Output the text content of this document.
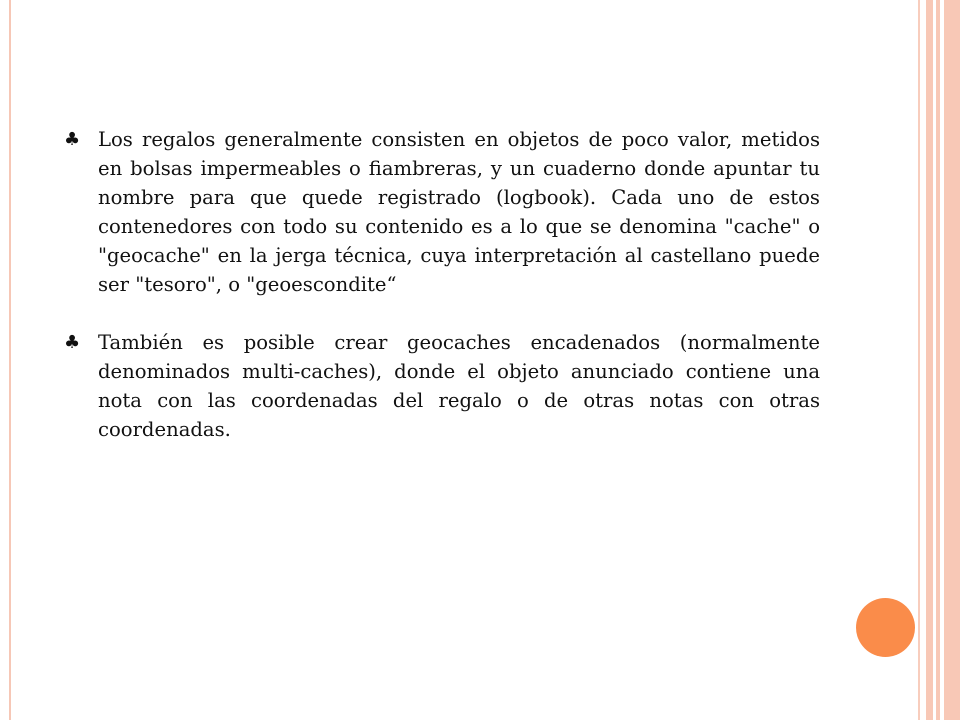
♣ Los regalos generalmente consisten en objetos de poco valor, metidos en bolsas impermeables o fiambreras, y un cuaderno donde apuntar tu nombre para que quede registrado (logbook). Cada uno de estos contenedores con todo su contenido es a lo que se denomina "cache" o "geocache" en la jerga técnica, cuya interpretación al castellano puede ser "tesoro", o "geoescondite“
♣ También es posible crear geocaches encadenados (normalmente denominados multi-caches), donde el objeto anunciado contiene una nota con las coordenadas del regalo o de otras notas con otras coordenadas.
